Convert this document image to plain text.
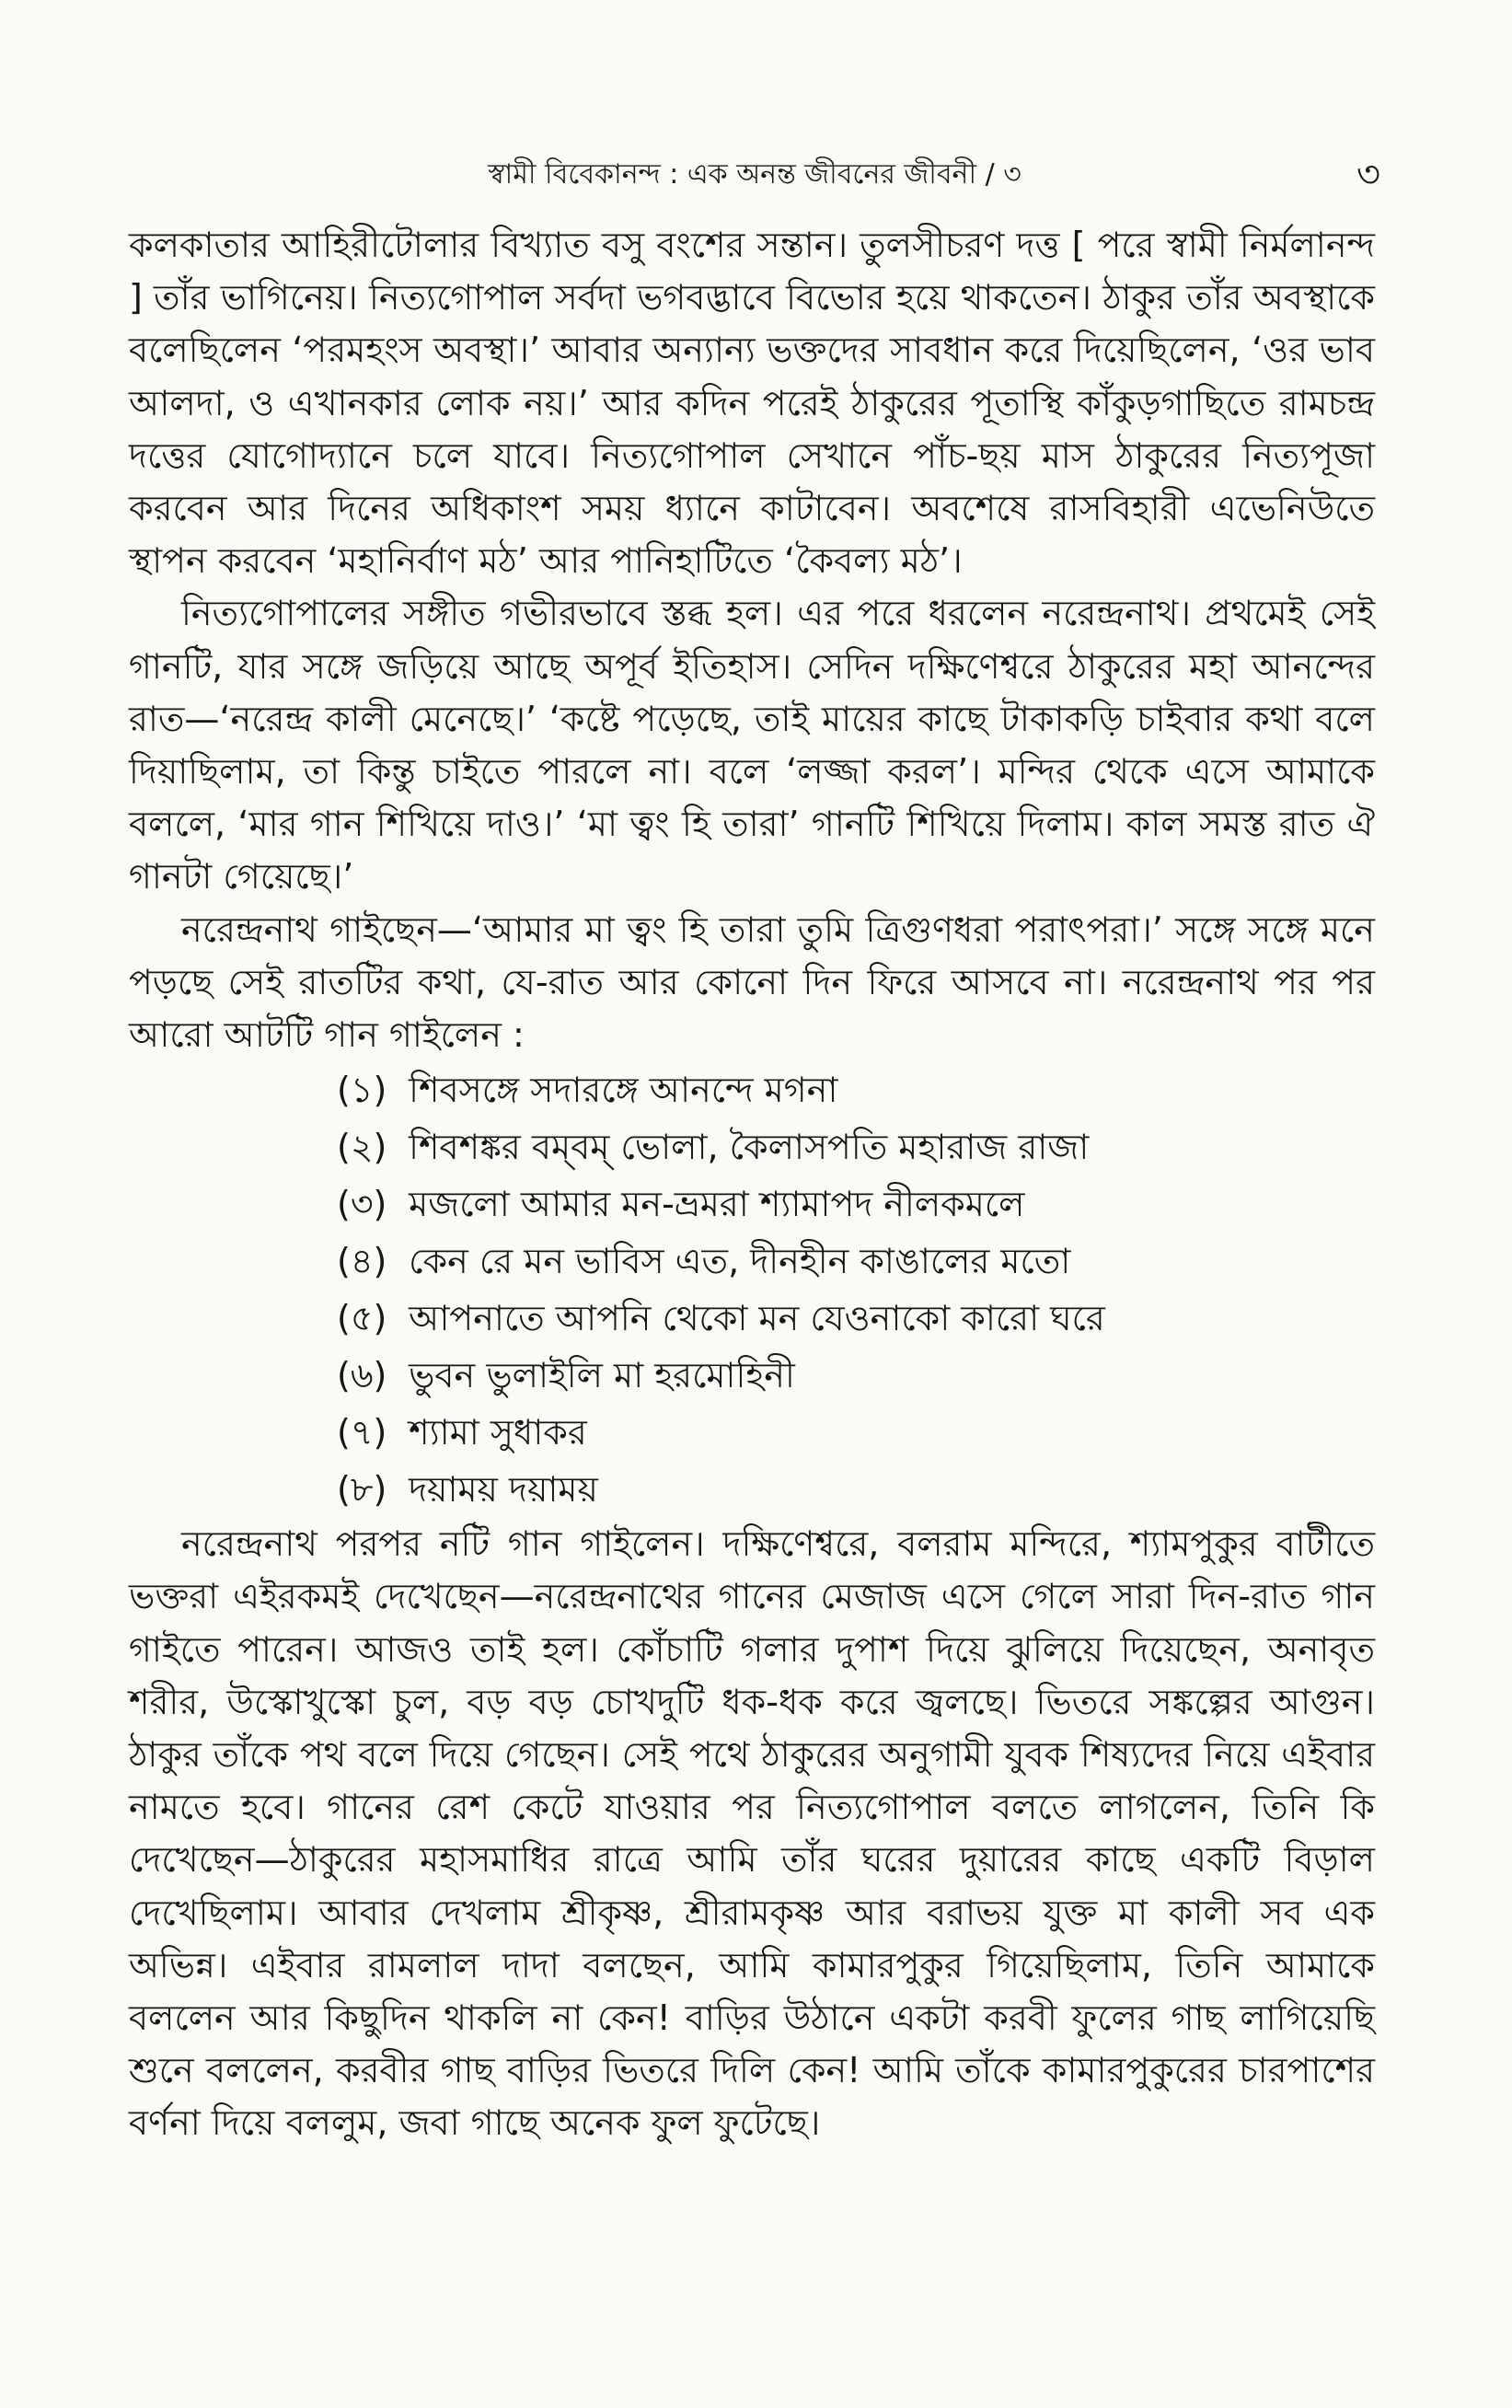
স্বামী বিবেকানন্দ : এক অনন্ত জীবনের জীবনী / ৩	৩

কলকাতার আহিরীটোলার বিখ্যাত বসু বংশের সন্তান। তুলসীচরণ দত্ত [ পরে স্বামী নির্মলানন্দ ] তাঁর ভাগিনেয়। নিত্যগোপাল সর্বদা ভগবদ্ভাবে বিভোর হয়ে থাকতেন। ঠাকুর তাঁর অবস্থাকে বলেছিলেন ‘পরমহংস অবস্থা।’ আবার অন্যান্য ভক্তদের সাবধান করে দিয়েছিলেন, ‘ওর ভাব আলদা, ও এখানকার লোক নয়।’ আর কদিন পরেই ঠাকুরের পূতাস্থি কাঁকুড়গাছিতে রামচন্দ্র দত্তের যোগোদ্যানে চলে যাবে। নিত্যগোপাল সেখানে পাঁচ-ছয় মাস ঠাকুরের নিত্যপূজা করবেন আর দিনের অধিকাংশ সময় ধ্যানে কাটাবেন। অবশেষে রাসবিহারী এভেনিউতে স্থাপন করবেন ‘মহানির্বাণ মঠ’ আর পানিহাটিতে ‘কৈবল্য মঠ’।

নিত্যগোপালের সঙ্গীত গভীরভাবে স্তব্ধ হল। এর পরে ধরলেন নরেন্দ্রনাথ। প্রথমেই সেই গানটি, যার সঙ্গে জড়িয়ে আছে অপূর্ব ইতিহাস। সেদিন দক্ষিণেশ্বরে ঠাকুরের মহা আনন্দের রাত—‘নরেন্দ্র কালী মেনেছে।’ ‘কষ্টে পড়েছে, তাই মায়ের কাছে টাকাকড়ি চাইবার কথা বলে দিয়াছিলাম, তা কিন্তু চাইতে পারলে না। বলে ‘লজ্জা করল’। মন্দির থেকে এসে আমাকে বললে, ‘মার গান শিখিয়ে দাও।’ ‘মা ত্বং হি তারা’ গানটি শিখিয়ে দিলাম। কাল সমস্ত রাত ঐ গানটা গেয়েছে।’

নরেন্দ্রনাথ গাইছেন—‘আমার মা ত্বং হি তারা তুমি ত্রিগুণধরা পরাৎপরা।’ সঙ্গে সঙ্গে মনে পড়ছে সেই রাতটির কথা, যে-রাত আর কোনো দিন ফিরে আসবে না। নরেন্দ্রনাথ পর পর আরো আটটি গান গাইলেন :

(১) শিবসঙ্গে সদারঙ্গে আনন্দে মগনা
(২) শিবশঙ্কর বম্‌বম্‌ ভোলা, কৈলাসপতি মহারাজ রাজা
(৩) মজলো আমার মন-ভ্রমরা শ্যামাপদ নীলকমলে
(৪) কেন রে মন ভাবিস এত, দীনহীন কাঙালের মতো
(৫) আপনাতে আপনি থেকো মন যেওনাকো কারো ঘরে
(৬) ভুবন ভুলাইলি মা হরমোহিনী
(৭) শ্যামা সুধাকর
(৮) দয়াময় দয়াময়

নরেন্দ্রনাথ পরপর নটি গান গাইলেন। দক্ষিণেশ্বরে, বলরাম মন্দিরে, শ্যামপুকুর বাটীতে ভক্তরা এইরকমই দেখেছেন—নরেন্দ্রনাথের গানের মেজাজ এসে গেলে সারা দিন-রাত গান গাইতে পারেন। আজও তাই হল। কোঁচাটি গলার দুপাশ দিয়ে ঝুলিয়ে দিয়েছেন, অনাবৃত শরীর, উস্কোখুস্কো চুল, বড় বড় চোখদুটি ধক-ধক করে জ্বলছে। ভিতরে সঙ্কল্পের আগুন। ঠাকুর তাঁকে পথ বলে দিয়ে গেছেন। সেই পথে ঠাকুরের অনুগামী যুবক শিষ্যদের নিয়ে এইবার নামতে হবে। গানের রেশ কেটে যাওয়ার পর নিত্যগোপাল বলতে লাগলেন, তিনি কি দেখেছেন—ঠাকুরের মহাসমাধির রাত্রে আমি তাঁর ঘরের দুয়ারের কাছে একটি বিড়াল দেখেছিলাম। আবার দেখলাম শ্রীকৃষ্ণ, শ্রীরামকৃষ্ণ আর বরাভয় যুক্ত মা কালী সব এক অভিন্ন। এইবার রামলাল দাদা বলছেন, আমি কামারপুকুর গিয়েছিলাম, তিনি আমাকে বললেন আর কিছুদিন থাকলি না কেন! বাড়ির উঠানে একটা করবী ফুলের গাছ লাগিয়েছি শুনে বললেন, করবীর গাছ বাড়ির ভিতরে দিলি কেন! আমি তাঁকে কামারপুকুরের চারপাশের বর্ণনা দিয়ে বললুম, জবা গাছে অনেক ফুল ফুটেছে।
